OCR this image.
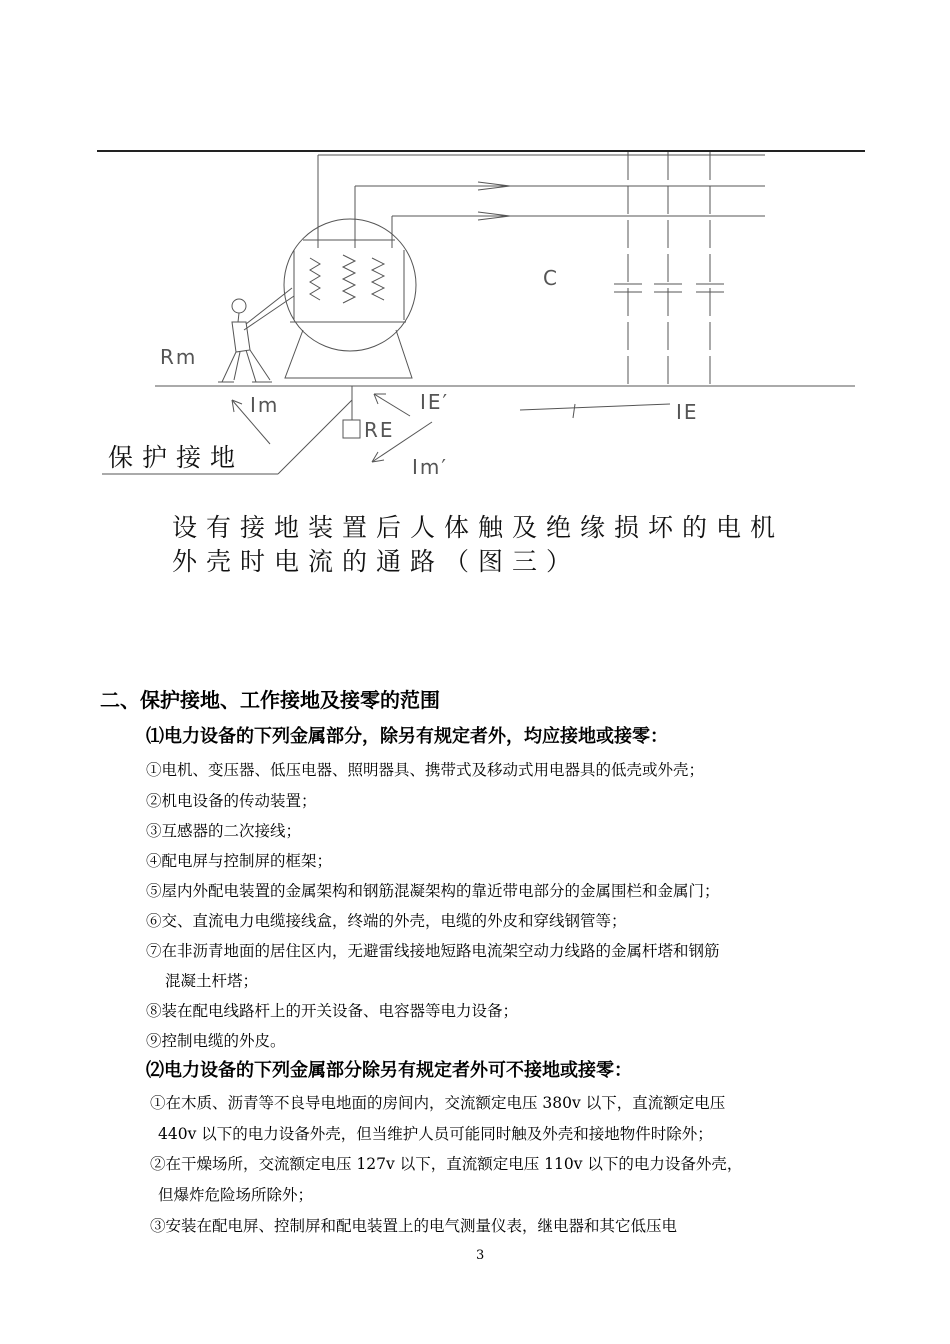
Rm
C
Im	IE′
RE
IE
Im′
保护接地
设有接地装置后人体触及绝缘损坏的电机
外壳时电流的通路（图三）
二、保护接地、工作接地及接零的范围
⑴电力设备的下列金属部分，除另有规定者外，均应接地或接零：
①电机、变压器、低压电器、照明器具、携带式及移动式用电器具的低壳或外壳；
②机电设备的传动装置；
③互感器的二次接线；
④配电屏与控制屏的框架；
⑤屋内外配电装置的金属架构和钢筋混凝架构的靠近带电部分的金属围栏和金属门；
⑥交、直流电力电缆接线盒，终端的外壳，电缆的外皮和穿线钢管等；
⑦在非沥青地面的居住区内，无避雷线接地短路电流架空动力线路的金属杆塔和钢筋
混凝土杆塔；
⑧装在配电线路杆上的开关设备、电容器等电力设备；
⑨控制电缆的外皮。
⑵电力设备的下列金属部分除另有规定者外可不接地或接零：
①在木质、沥青等不良导电地面的房间内，交流额定电压 380v 以下，直流额定电压
440v 以下的电力设备外壳，但当维护人员可能同时触及外壳和接地物件时除外；
②在干燥场所，交流额定电压 127v 以下，直流额定电压 110v 以下的电力设备外壳，
但爆炸危险场所除外；
③安装在配电屏、控制屏和配电装置上的电气测量仪表，继电器和其它低压电
3
